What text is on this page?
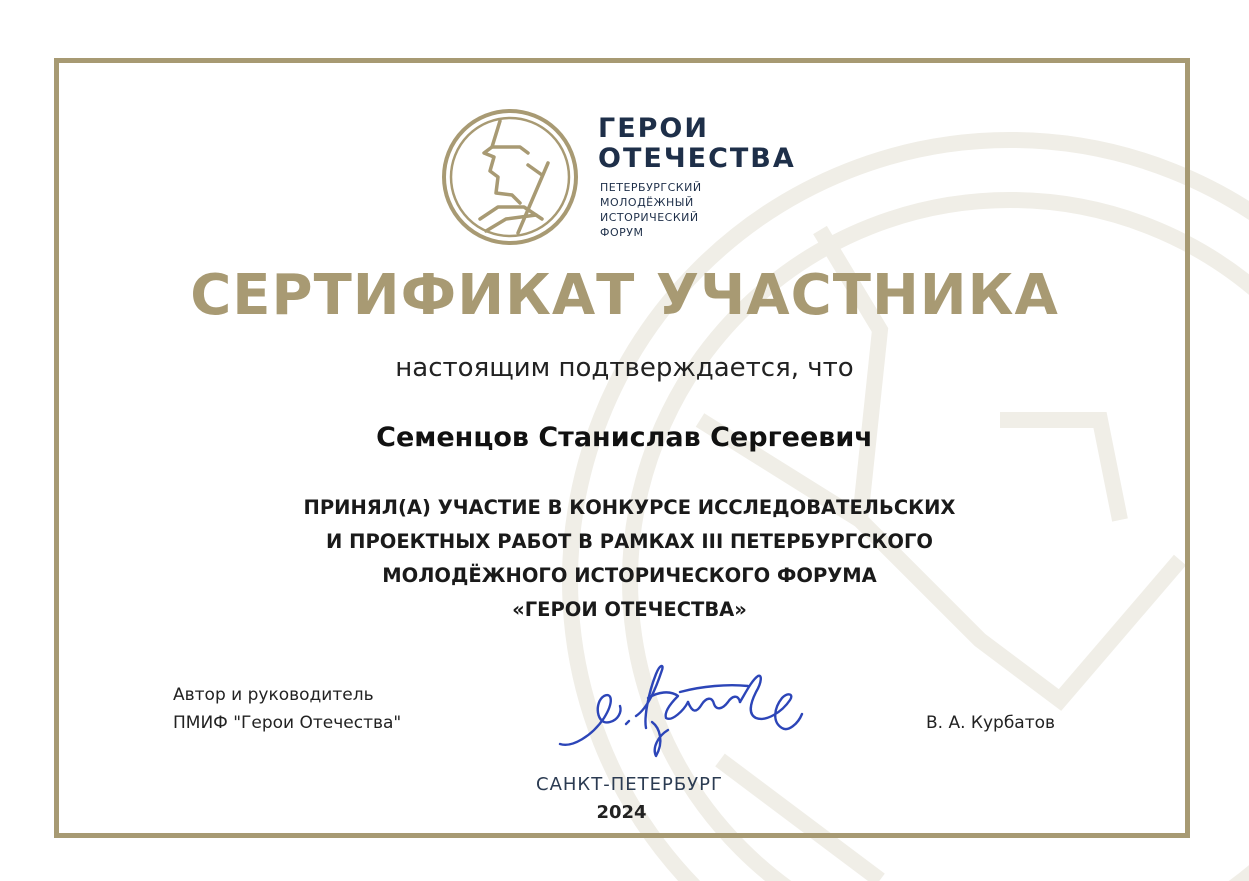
ГЕРОИ
ОТЕЧЕСТВА
ПЕТЕРБУРГСКИЙ
МОЛОДЁЖНЫЙ
ИСТОРИЧЕСКИЙ
ФОРУМ
СЕРТИФИКАТ УЧАСТНИКА
настоящим подтверждается, что
Семенцов Станислав Сергеевич
ПРИНЯЛ(А) УЧАСТИЕ В КОНКУРСЕ ИССЛЕДОВАТЕЛЬСКИХ
И ПРОЕКТНЫХ РАБОТ В РАМКАХ III ПЕТЕРБУРГСКОГО
МОЛОДЁЖНОГО ИСТОРИЧЕСКОГО ФОРУМА
«ГЕРОИ ОТЕЧЕСТВА»
Автор и руководитель
ПМИФ "Герои Отечества"	В. А. Курбатов
САНКТ-ПЕТЕРБУРГ
2024
